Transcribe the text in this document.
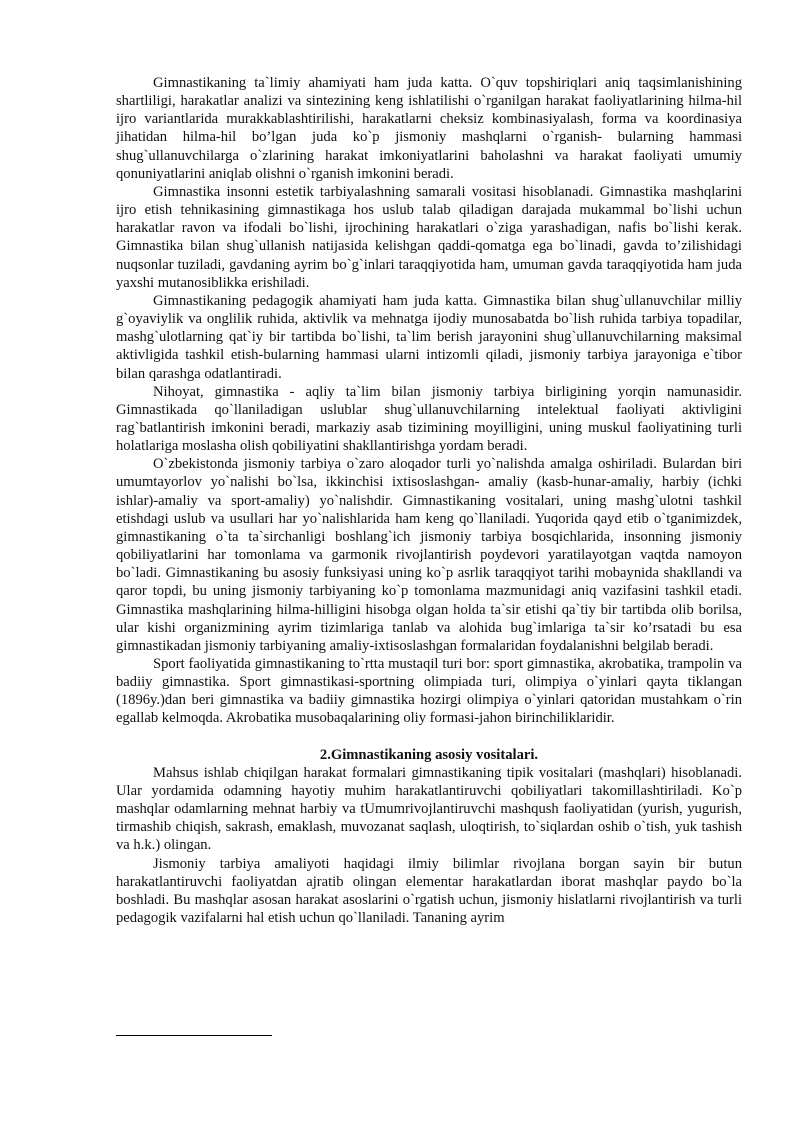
Gimnastikaning ta`limiy ahamiyati ham juda katta. O`quv topshiriqlari aniq taqsimlanishining shartliligi, harakatlar analizi va sintezining keng ishlatilishi o`rganilgan harakat faoliyatlarining hilma-hil ijro variantlarida murakkablashtirilishi, harakatlarni cheksiz kombinasiyalash, forma va koordinasiya jihatidan hilma-hil bo’lgan juda ko`p jismoniy mashqlarni o`rganish- bularning hammasi shug`ullanuvchilarga o`zlarining harakat imkoniyatlarini baholashni va harakat faoliyati umumiy qonuniyatlarini aniqlab olishni o`rganish imkonini beradi.

Gimnastika insonni estetik tarbiyalashning samarali vositasi hisoblanadi. Gimnastika mashqlarini ijro etish tehnikasining gimnastikaga hos uslub talab qiladigan darajada mukammal bo`lishi uchun harakatlar ravon va ifodali bo`lishi, ijrochining harakatlari o`ziga yarashadigan, nafis bo`lishi kerak. Gimnastika bilan shug`ullanish natijasida kelishgan qaddi-qomatga ega bo`linadi, gavda to’zilishidagi nuqsonlar tuziladi, gavdaning ayrim bo`g`inlari taraqqiyotida ham, umuman gavda taraqqiyotida ham juda yaxshi mutanosiblikka erishiladi.

Gimnastikaning pedagogik ahamiyati ham juda katta. Gimnastika bilan shug`ullanuvchilar milliy g`oyaviylik va onglilik ruhida, aktivlik va mehnatga ijodiy munosabatda bo`lish ruhida tarbiya topadilar, mashg`ulotlarning qat`iy bir tartibda bo`lishi, ta`lim berish jarayonini shug`ullanuvchilarning maksimal aktivligida tashkil etish-bularning hammasi ularni intizomli qiladi, jismoniy tarbiya jarayoniga e`tibor bilan qarashga odatlantiradi.

Nihoyat, gimnastika - aqliy ta`lim bilan jismoniy tarbiya birligining yorqin namunasidir. Gimnastikada qo`llaniladigan uslublar shug`ullanuvchilarning intelektual faoliyati aktivligini rag`batlantirish imkonini beradi, markaziy asab tizimining moyilligini, uning muskul faoliyatining turli holatlariga moslasha olish qobiliyatini shakllantirishga yordam beradi.

O`zbekistonda jismoniy tarbiya o`zaro aloqador turli yo`nalishda amalga oshiriladi. Bulardan biri umumtayorlov yo`nalishi bo`lsa, ikkinchisi ixtisoslashgan- amaliy (kasb-hunar-amaliy, harbiy (ichki ishlar)-amaliy va sport-amaliy) yo`nalishdir. Gimnastikaning vositalari, uning mashg`ulotni tashkil etishdagi uslub va usullari har yo`nalishlarida ham keng qo`llaniladi. Yuqorida qayd etib o`tganimizdek, gimnastikaning o`ta ta`sirchanligi boshlang`ich jismoniy tarbiya bosqichlarida, insonning jismoniy qobiliyatlarini har tomonlama va garmonik rivojlantirish poydevori yaratilayotgan vaqtda namoyon bo`ladi. Gimnastikaning bu asosiy funksiyasi uning ko`p asrlik taraqqiyot tarihi mobaynida shakllandi va qaror topdi, bu uning jismoniy tarbiyaning ko`p tomonlama mazmunidagi aniq vazifasini tashkil etadi. Gimnastika mashqlarining hilma-hilligini hisobga olgan holda ta`sir etishi qa`tiy bir tartibda olib borilsa, ular kishi organizmining ayrim tizimlariga tanlab va alohida bug`imlariga ta`sir ko’rsatadi bu esa gimnastikadan jismoniy tarbiyaning amaliy-ixtisoslashgan formalaridan foydalanishni belgilab beradi.

Sport faoliyatida gimnastikaning to`rtta mustaqil turi bor: sport gimnastika, akrobatika, trampolin va badiiy gimnastika. Sport gimnastikasi-sportning olimpiada turi, olimpiya o`yinlari qayta tiklangan (1896y.)dan beri gimnastika va badiiy gimnastika hozirgi olimpiya o`yinlari qatoridan mustahkam o`rin egallab kelmoqda. Akrobatika musobaqalarining oliy formasi-jahon birinchiliklaridir.

2.Gimnastikaning asosiy vositalari.

Mahsus ishlab chiqilgan harakat formalari gimnastikaning tipik vositalari (mashqlari) hisoblanadi. Ular yordamida odamning hayotiy muhim harakatlantiruvchi qobiliyatlari takomillashtiriladi. Ko`p mashqlar odamlarning mehnat harbiy va tUmumrivojlantiruvchi mashqush faoliyatidan (yurish, yugurish, tirmashib chiqish, sakrash, emaklash, muvozanat saqlash, uloqtirish, to`siqlardan oshib o`tish, yuk tashish va h.k.) olingan.

Jismoniy tarbiya amaliyoti haqidagi ilmiy bilimlar rivojlana borgan sayin bir butun harakatlantiruvchi faoliyatdan ajratib olingan elementar harakatlardan iborat mashqlar paydo bo`la boshladi. Bu mashqlar asosan harakat asoslarini o`rgatish uchun, jismoniy hislatlarni rivojlantirish va turli pedagogik vazifalarni hal etish uchun qo`llaniladi. Tananing ayrim
